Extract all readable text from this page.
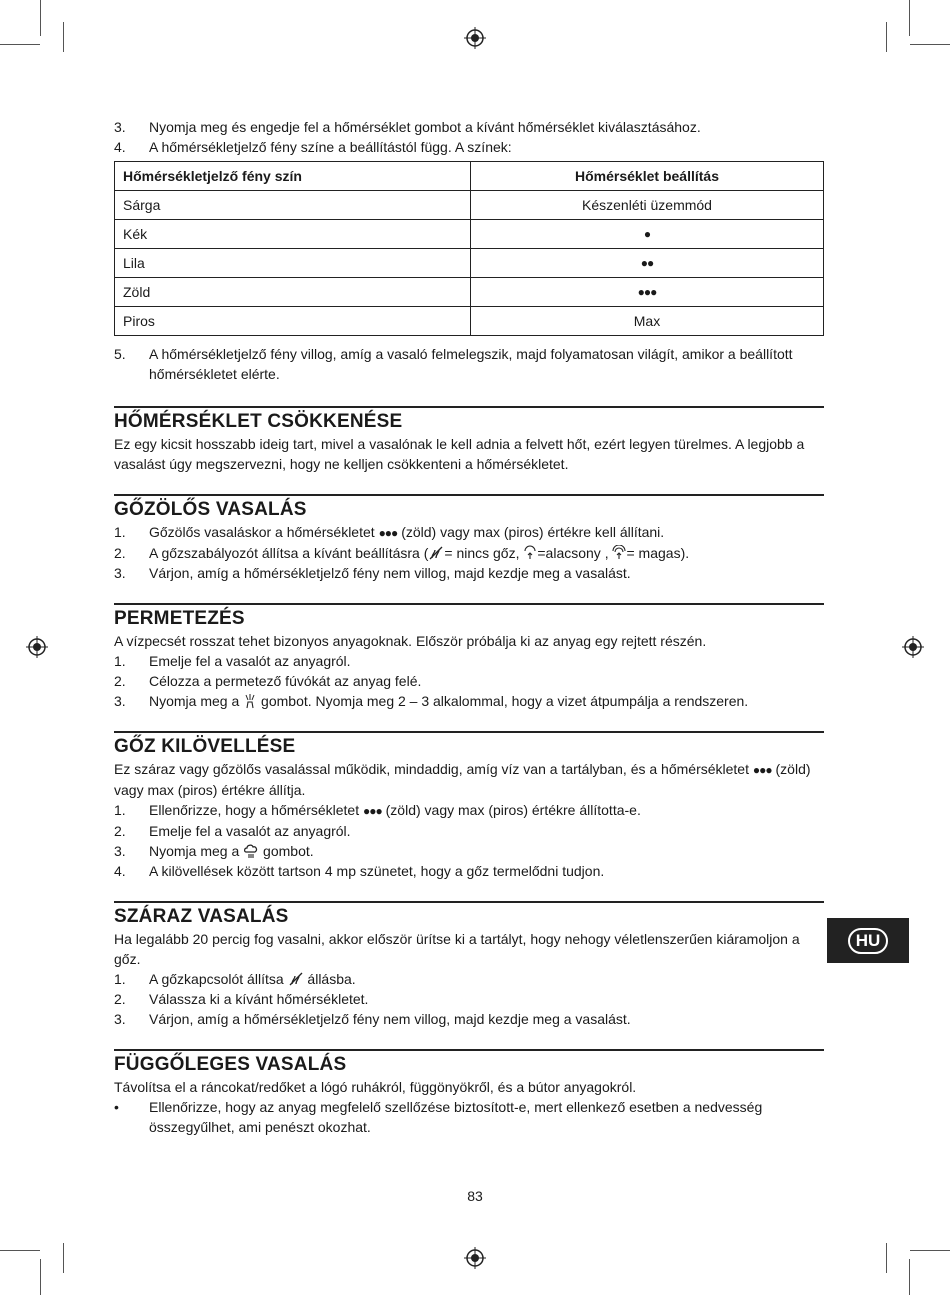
3. Nyomja meg és engedje fel a hőmérséklet gombot a kívánt hőmérséklet kiválasztásához.
4. A hőmérsékletjelző fény színe a beállítástól függ. A színek:
Hőmérsékletjelző fény szín	Hőmérséklet beállítás
Sárga	Készenléti üzemmód
Kék	●
Lila	●●
Zöld	●●●
Piros	Max
5. A hőmérsékletjelző fény villog, amíg a vasaló felmelegszik, majd folyamatosan világít, amikor a beállított hőmérsékletet elérte.
HŐMÉRSÉKLET CSÖKKENÉSE

Ez egy kicsit hosszabb ideig tart, mivel a vasalónak le kell adnia a felvett hőt, ezért legyen türelmes. A legjobb a vasalást úgy megszervezni, hogy ne kelljen csökkenteni a hőmérsékletet.

GŐZÖLŐS VASALÁS
1. Gőzölős vasaláskor a hőmérsékletet ●●● (zöld) vagy max (piros) értékre kell állítani.
2. A gőzszabályozót állítsa a kívánt beállításra ( = nincs gőz, =alacsony , = magas).
3. Várjon, amíg a hőmérsékletjelző fény nem villog, majd kezdje meg a vasalást.
PERMETEZÉS

A vízpecsét rosszat tehet bizonyos anyagoknak. Először próbálja ki az anyag egy rejtett részén.

1. Emelje fel a vasalót az anyagról.
2. Célozza a permetező fúvókát az anyag felé.
3. Nyomja meg a gombot. Nyomja meg 2 – 3 alkalommal, hogy a vizet átpumpálja a rendszeren.
GŐZ KILÖVELLÉSE

Ez száraz vagy gőzölős vasalással működik, mindaddig, amíg víz van a tartályban, és a hőmérsékletet ●●● (zöld) vagy max (piros) értékre állítja.

1. Ellenőrizze, hogy a hőmérsékletet ●●● (zöld) vagy max (piros) értékre állította-e.
2. Emelje fel a vasalót az anyagról.
3. Nyomja meg a gombot.
4. A kilövellések között tartson 4 mp szünetet, hogy a gőz termelődni tudjon.
SZÁRAZ VASALÁS

Ha legalább 20 percig fog vasalni, akkor először ürítse ki a tartályt, hogy nehogy véletlenszerűen kiáramoljon a gőz.

1. A gőzkapcsolót állítsa állásba.
2. Válassza ki a kívánt hőmérsékletet.
3. Várjon, amíg a hőmérsékletjelző fény nem villog, majd kezdje meg a vasalást.
FÜGGŐLEGES VASALÁS

Távolítsa el a ráncokat/redőket a lógó ruhákról, függönyökről, és a bútor anyagokról.

• Ellenőrizze, hogy az anyag megfelelő szellőzése biztosított-e, mert ellenkező esetben a nedvesség összegyűlhet, ami penészt okozhat.
HU
83
